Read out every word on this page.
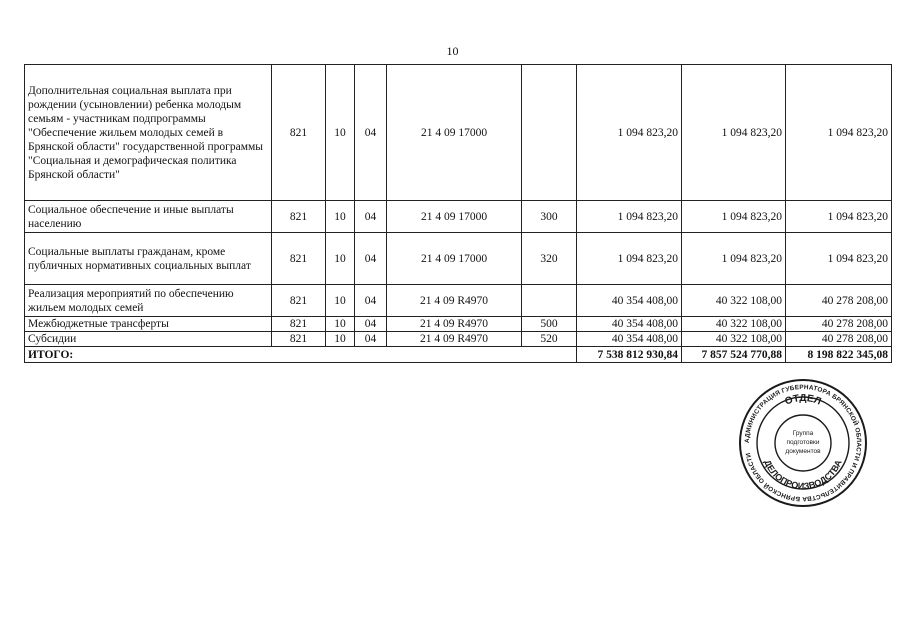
10
Дополнительная социальная выплата при рождении (усыновлении) ребенка молодым семьям - участникам подпрограммы "Обеспечение жильем молодых семей в Брянской области" государственной программы "Социальная и демографическая политика Брянской области"	821	10	04	21 4 09 17000		1 094 823,20	1 094 823,20	1 094 823,20
Социальное обеспечение и иные выплаты населению	821	10	04	21 4 09 17000	300	1 094 823,20	1 094 823,20	1 094 823,20
Социальные выплаты гражданам, кроме публичных нормативных социальных выплат	821	10	04	21 4 09 17000	320	1 094 823,20	1 094 823,20	1 094 823,20
Реализация мероприятий по обеспечению жильем молодых семей	821	10	04	21 4 09 R4970		40 354 408,00	40 322 108,00	40 278 208,00
Межбюджетные трансферты	821	10	04	21 4 09 R4970	500	40 354 408,00	40 322 108,00	40 278 208,00
Субсидии	821	10	04	21 4 09 R4970	520	40 354 408,00	40 322 108,00	40 278 208,00
ИТОГО:						7 538 812 930,84	7 857 524 770,88	8 198 822 345,08
АДМИНИСТРАЦИЯ ГУБЕРНАТОРА БРЯНСКОЙ ОБЛАСТИ И ПРАВИТЕЛЬСТВА БРЯНСКОЙ ОБЛАСТИ
ОТДЕЛ
ДЕЛОПРОИЗВОДСТВА
Группа
подготовки
документов
